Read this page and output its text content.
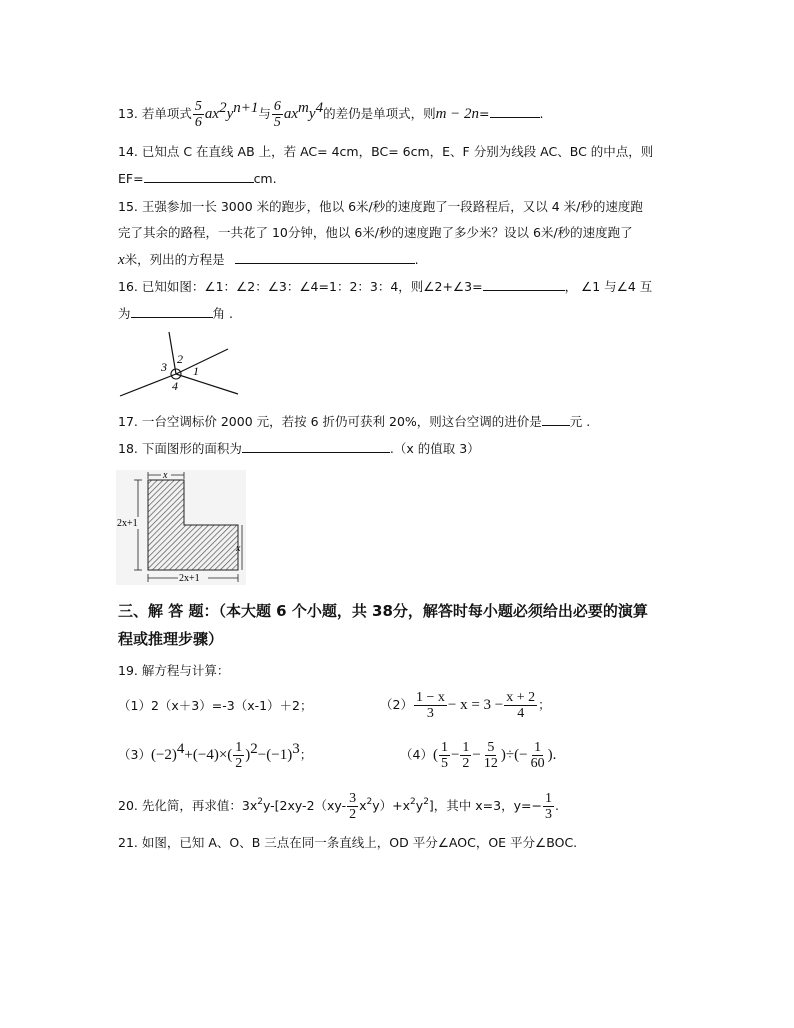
13. 若单项式 $\frac{5}{6} ax^2y^{n+1}$与 $\frac{6}{5} ax^my^4$的差仍是单项式，则m − 2n=	.
14. 已知点 C 在直线 AB 上，若 AC= 4cm，BC= 6cm，E、F 分别为线段 AC、BC 的中点，则
EF=	cm.
15. 王强参加一长 3000 米的跑步，他以 6米/秒的速度跑了一段路程后，又以 4 米/秒的速度跑
完了其余的路程，一共花了 10分钟，他以 6米/秒的速度跑了多少米？设以 6米/秒的速度跑了
x米，列出的方程是	.
16. 已知如图：∠1：∠2：∠3：∠4=1：2：3：4，则∠2+∠3=	， ∠1 与∠4 互
为	角 .
3
2
4
1
17. 一台空调标价 2000 元，若按 6 折仍可获利 20%，则这台空调的进价是 元 .
18. 下面图形的面积为	.（x 的值取 3）
x
2x+1
x
2x+1
三、解 答 题：（本大题 6 个小题，共 38分，解答时每小题必须给出必要的演算
程或推理步骤）
19. 解方程与计算：
（1）2（x＋3）=-3（x-1）＋2；	$(2) \frac{1 - x}{3} - x = 3 - \frac{x + 2}{4}$ ；
$(3)(-2)^4+(-4)\times( \frac{1}{2} )^2-(-1)^3$；	$(4)( \frac{1}{5} - \frac{1}{2} - \frac{5}{12}$ )÷(− $\frac{1}{60}$ ).
20. 先化简，再求值：$3x^2y-[2xy-2(xy- \frac{3}{2} x^2y)+x^2y^2]$，其中 x=3，$y=- \frac{1}{3}$ .
21. 如图，已知 A、O、B 三点在同一条直线上，OD 平分∠AOC，OE 平分∠BOC.
